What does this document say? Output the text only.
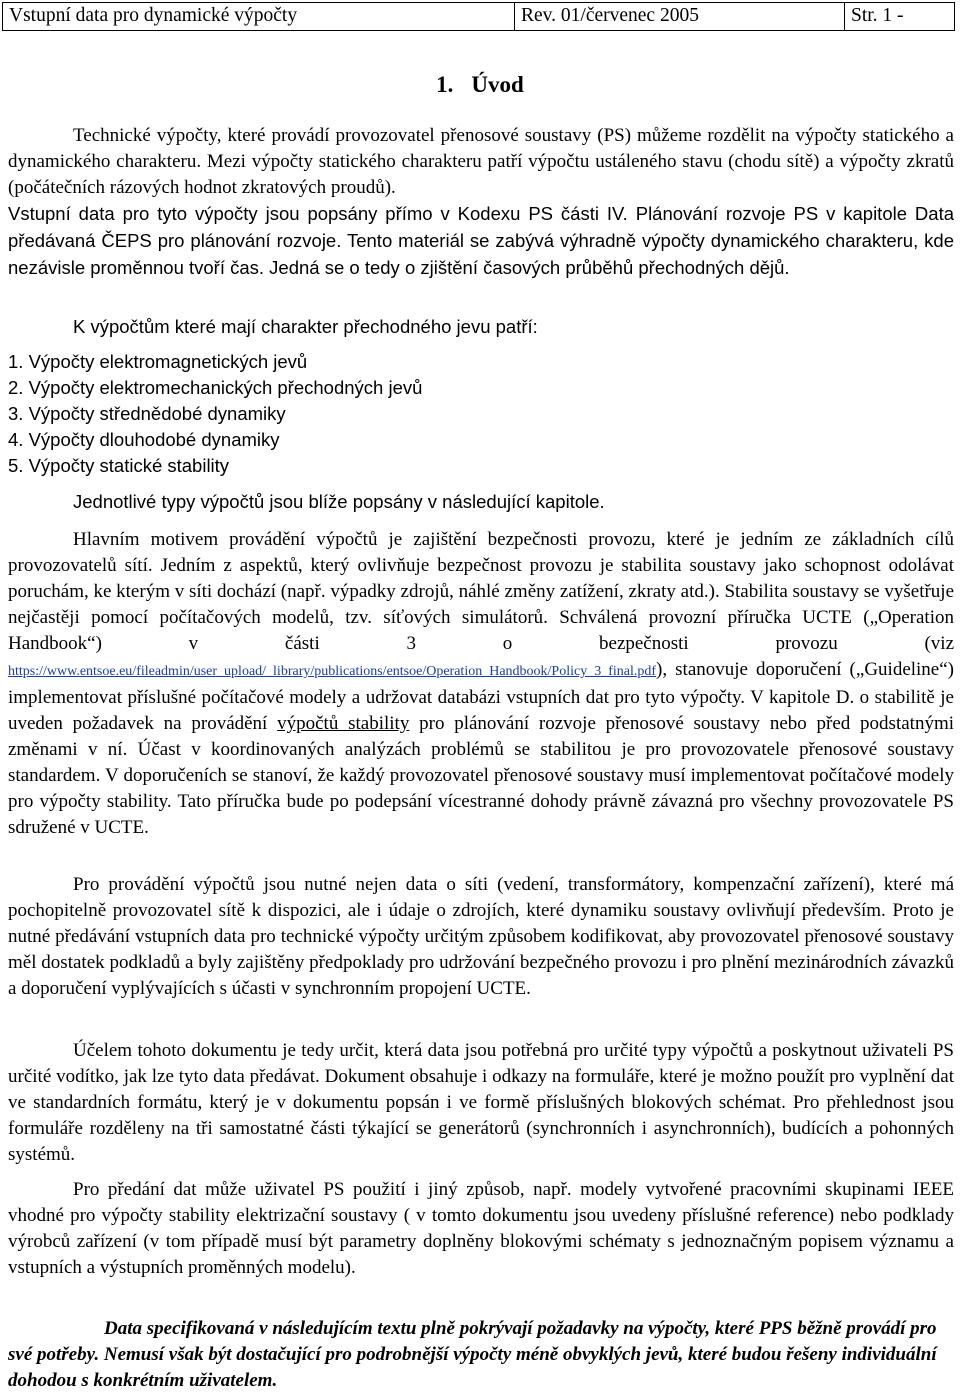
Vstupní data pro dynamické výpočty	Rev. 01/červenec 2005	Str. 1 -
1. Úvod

Technické výpočty, které provádí provozovatel přenosové soustavy (PS) můžeme rozdělit na výpočty statického a dynamického charakteru. Mezi výpočty statického charakteru patří výpočtu ustáleného stavu (chodu sítě) a výpočty zkratů (počátečních rázových hodnot zkratových proudů).
Vstupní data pro tyto výpočty jsou popsány přímo v Kodexu PS části IV. Plánování rozvoje PS v kapitole Data předávaná ČEPS pro plánování rozvoje. Tento materiál se zabývá výhradně výpočty dynamického charakteru, kde nezávisle proměnnou tvoří čas. Jedná se o tedy o zjištění časových průběhů přechodných dějů.

K výpočtům které mají charakter přechodného jevu patří:
1. Výpočty elektromagnetických jevů
2. Výpočty elektromechanických přechodných jevů
3. Výpočty střednědobé dynamiky
4. Výpočty dlouhodobé dynamiky
5. Výpočty statické stability
Jednotlivé typy výpočtů jsou blíže popsány v následující kapitole.

Hlavním motivem provádění výpočtů je zajištění bezpečnosti provozu, které je jedním ze základních cílů provozovatelů sítí. Jedním z aspektů, který ovlivňuje bezpečnost provozu je stabilita soustavy jako schopnost odolávat poruchám, ke kterým v síti dochází (např. výpadky zdrojů, náhlé změny zatížení, zkraty atd.). Stabilita soustavy se vyšetřuje nejčastěji pomocí počítačových modelů, tzv. síťových simulátorů. Schválená provozní příručka UCTE („Operation Handbook“) v části 3 o bezpečnosti provozu (viz https://www.entsoe.eu/fileadmin/user_upload/_library/publications/entsoe/Operation_Handbook/Policy_3_final.pdf), stanovuje doporučení („Guideline“) implementovat příslušné počítačové modely a udržovat databázi vstupních dat pro tyto výpočty. V kapitole D. o stabilitě je uveden požadavek na provádění výpočtů stability pro plánování rozvoje přenosové soustavy nebo před podstatnými změnami v ní. Účast v koordinovaných analýzách problémů se stabilitou je pro provozovatele přenosové soustavy standardem. V doporučeních se stanoví, že každý provozovatel přenosové soustavy musí implementovat počítačové modely pro výpočty stability. Tato příručka bude po podepsání vícestranné dohody právně závazná pro všechny provozovatele PS sdružené v UCTE.

Pro provádění výpočtů jsou nutné nejen data o síti (vedení, transformátory, kompenzační zařízení), které má pochopitelně provozovatel sítě k dispozici, ale i údaje o zdrojích, které dynamiku soustavy ovlivňují především. Proto je nutné předávání vstupních data pro technické výpočty určitým způsobem kodifikovat, aby provozovatel přenosové soustavy měl dostatek podkladů a byly zajištěny předpoklady pro udržování bezpečného provozu i pro plnění mezinárodních závazků a doporučení vyplývajících s účasti v synchronním propojení UCTE.

Účelem tohoto dokumentu je tedy určit, která data jsou potřebná pro určité typy výpočtů a poskytnout uživateli PS určité vodítko, jak lze tyto data předávat. Dokument obsahuje i odkazy na formuláře, které je možno použít pro vyplnění dat ve standardních formátu, který je v dokumentu popsán i ve formě příslušných blokových schémat. Pro přehlednost jsou formuláře rozděleny na tři samostatné části týkající se generátorů (synchronních i asynchronních), budících a pohonných systémů.

Pro předání dat může uživatel PS použití i jiný způsob, např. modely vytvořené pracovními skupinami IEEE vhodné pro výpočty stability elektrizační soustavy ( v tomto dokumentu jsou uvedeny příslušné reference) nebo podklady výrobců zařízení (v tom případě musí být parametry doplněny blokovými schématy s jednoznačným popisem významu a vstupních a výstupních proměnných modelu).

Data specifikovaná v následujícím textu plně pokrývají požadavky na výpočty, které PPS běžně provádí pro své potřeby. Nemusí však být dostačující pro podrobnější výpočty méně obvyklých jevů, které budou řešeny individuální dohodou s konkrétním uživatelem.
